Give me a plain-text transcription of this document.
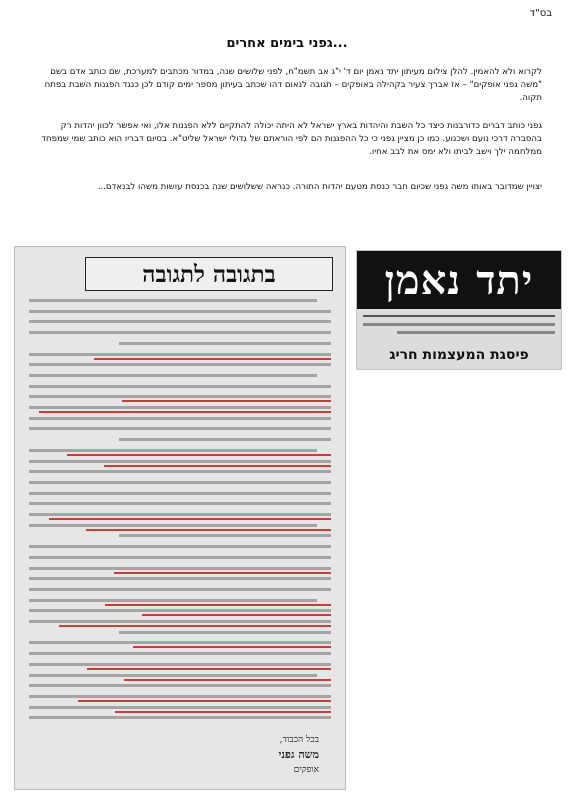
בס"ד
גפני בימים אחרים...
לקרוא ולא להאמין. להלן צילום מעיתון יתד נאמן יום ד' י"ג אב תשמ"ח, לפני שלושים שנה, במדור מכתבים למערכת, שם כותב אדם בשם "משה גפני אופקים" – אז אברך צעיר בקהילה באופקים – תגובה לנאום דהו שכתב בעיתון מספר ימים קודם לכן כנגד הפגנות השבת בפתח תקוה.
גפני כותב דברים כדורבנות כיצד כל השבת והיהדות בארץ ישראל לא היתה יכולה להתקיים ללא הפגנות אלו, ואי אפשר לכוון יהדות רק בהסברה דרכי נועם ושכנוע. כמו כן מציין גפני כי כל ההפגנות הם לפי הוראתם של גדולי ישראל שליט"א. בסיום דבריו הוא כותב שמי שמפחד ממלחמה ילך וישב לביתו ולא ימס את לבב אחיו.
יצויין שמדובר באותו משה גפני שכיום חבר כנסת מטעם יהדות התורה. כנראה ששלושים שנה בכנסת עושות משהו לבנאדם...
בתגובה לתגובה
בכל הכבוד,
משה גפני
אופקים
יתד נאמן
פיסגת המעצמות חריג
